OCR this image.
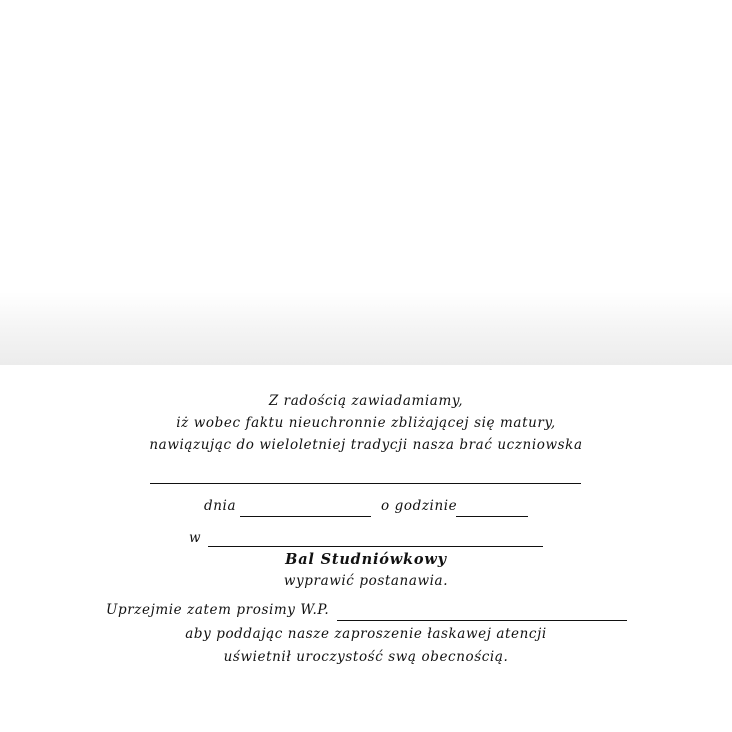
Z radością zawiadamiamy,
iż wobec faktu nieuchronnie zbliżającej się matury,
nawiązując do wieloletniej tradycji nasza brać uczniowska
dnia	o godzinie
w
Bal Studniówkowy
wyprawić postanawia.
Uprzejmie zatem prosimy W.P.
aby poddając nasze zaproszenie łaskawej atencji
uświetnił uroczystość swą obecnością.
